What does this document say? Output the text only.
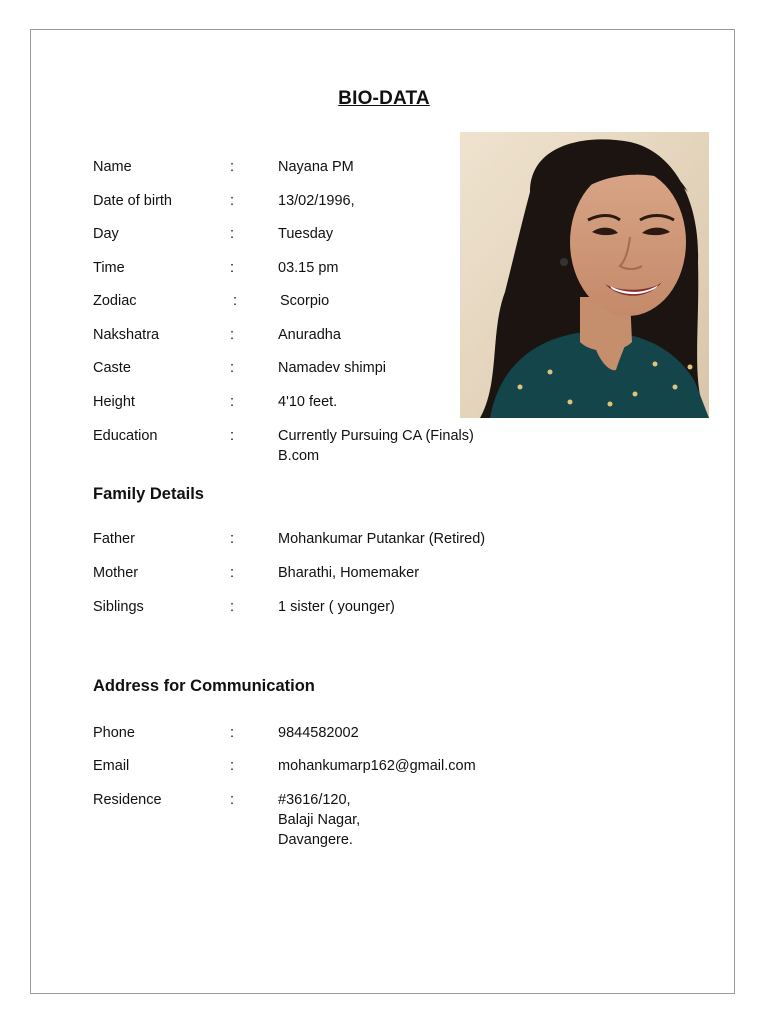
BIO-DATA
Name	:	Nayana PM
Date of birth	:	13/02/1996,
Day	:	Tuesday
Time	:	03.15 pm
Zodiac	:	Scorpio
Nakshatra	:	Anuradha
Caste	:	Namadev shimpi
Height	:	4'10 feet.
Education	:	Currently Pursuing CA (Finals)
B.com
Family Details
Father	:	Mohankumar Putankar (Retired)
Mother	:	Bharathi, Homemaker
Siblings	:	1 sister ( younger)
Address for Communication
Phone	:	9844582002
Email	:	mohankumarp162@gmail.com
Residence	:	#3616/120,
Balaji Nagar,
Davangere.
